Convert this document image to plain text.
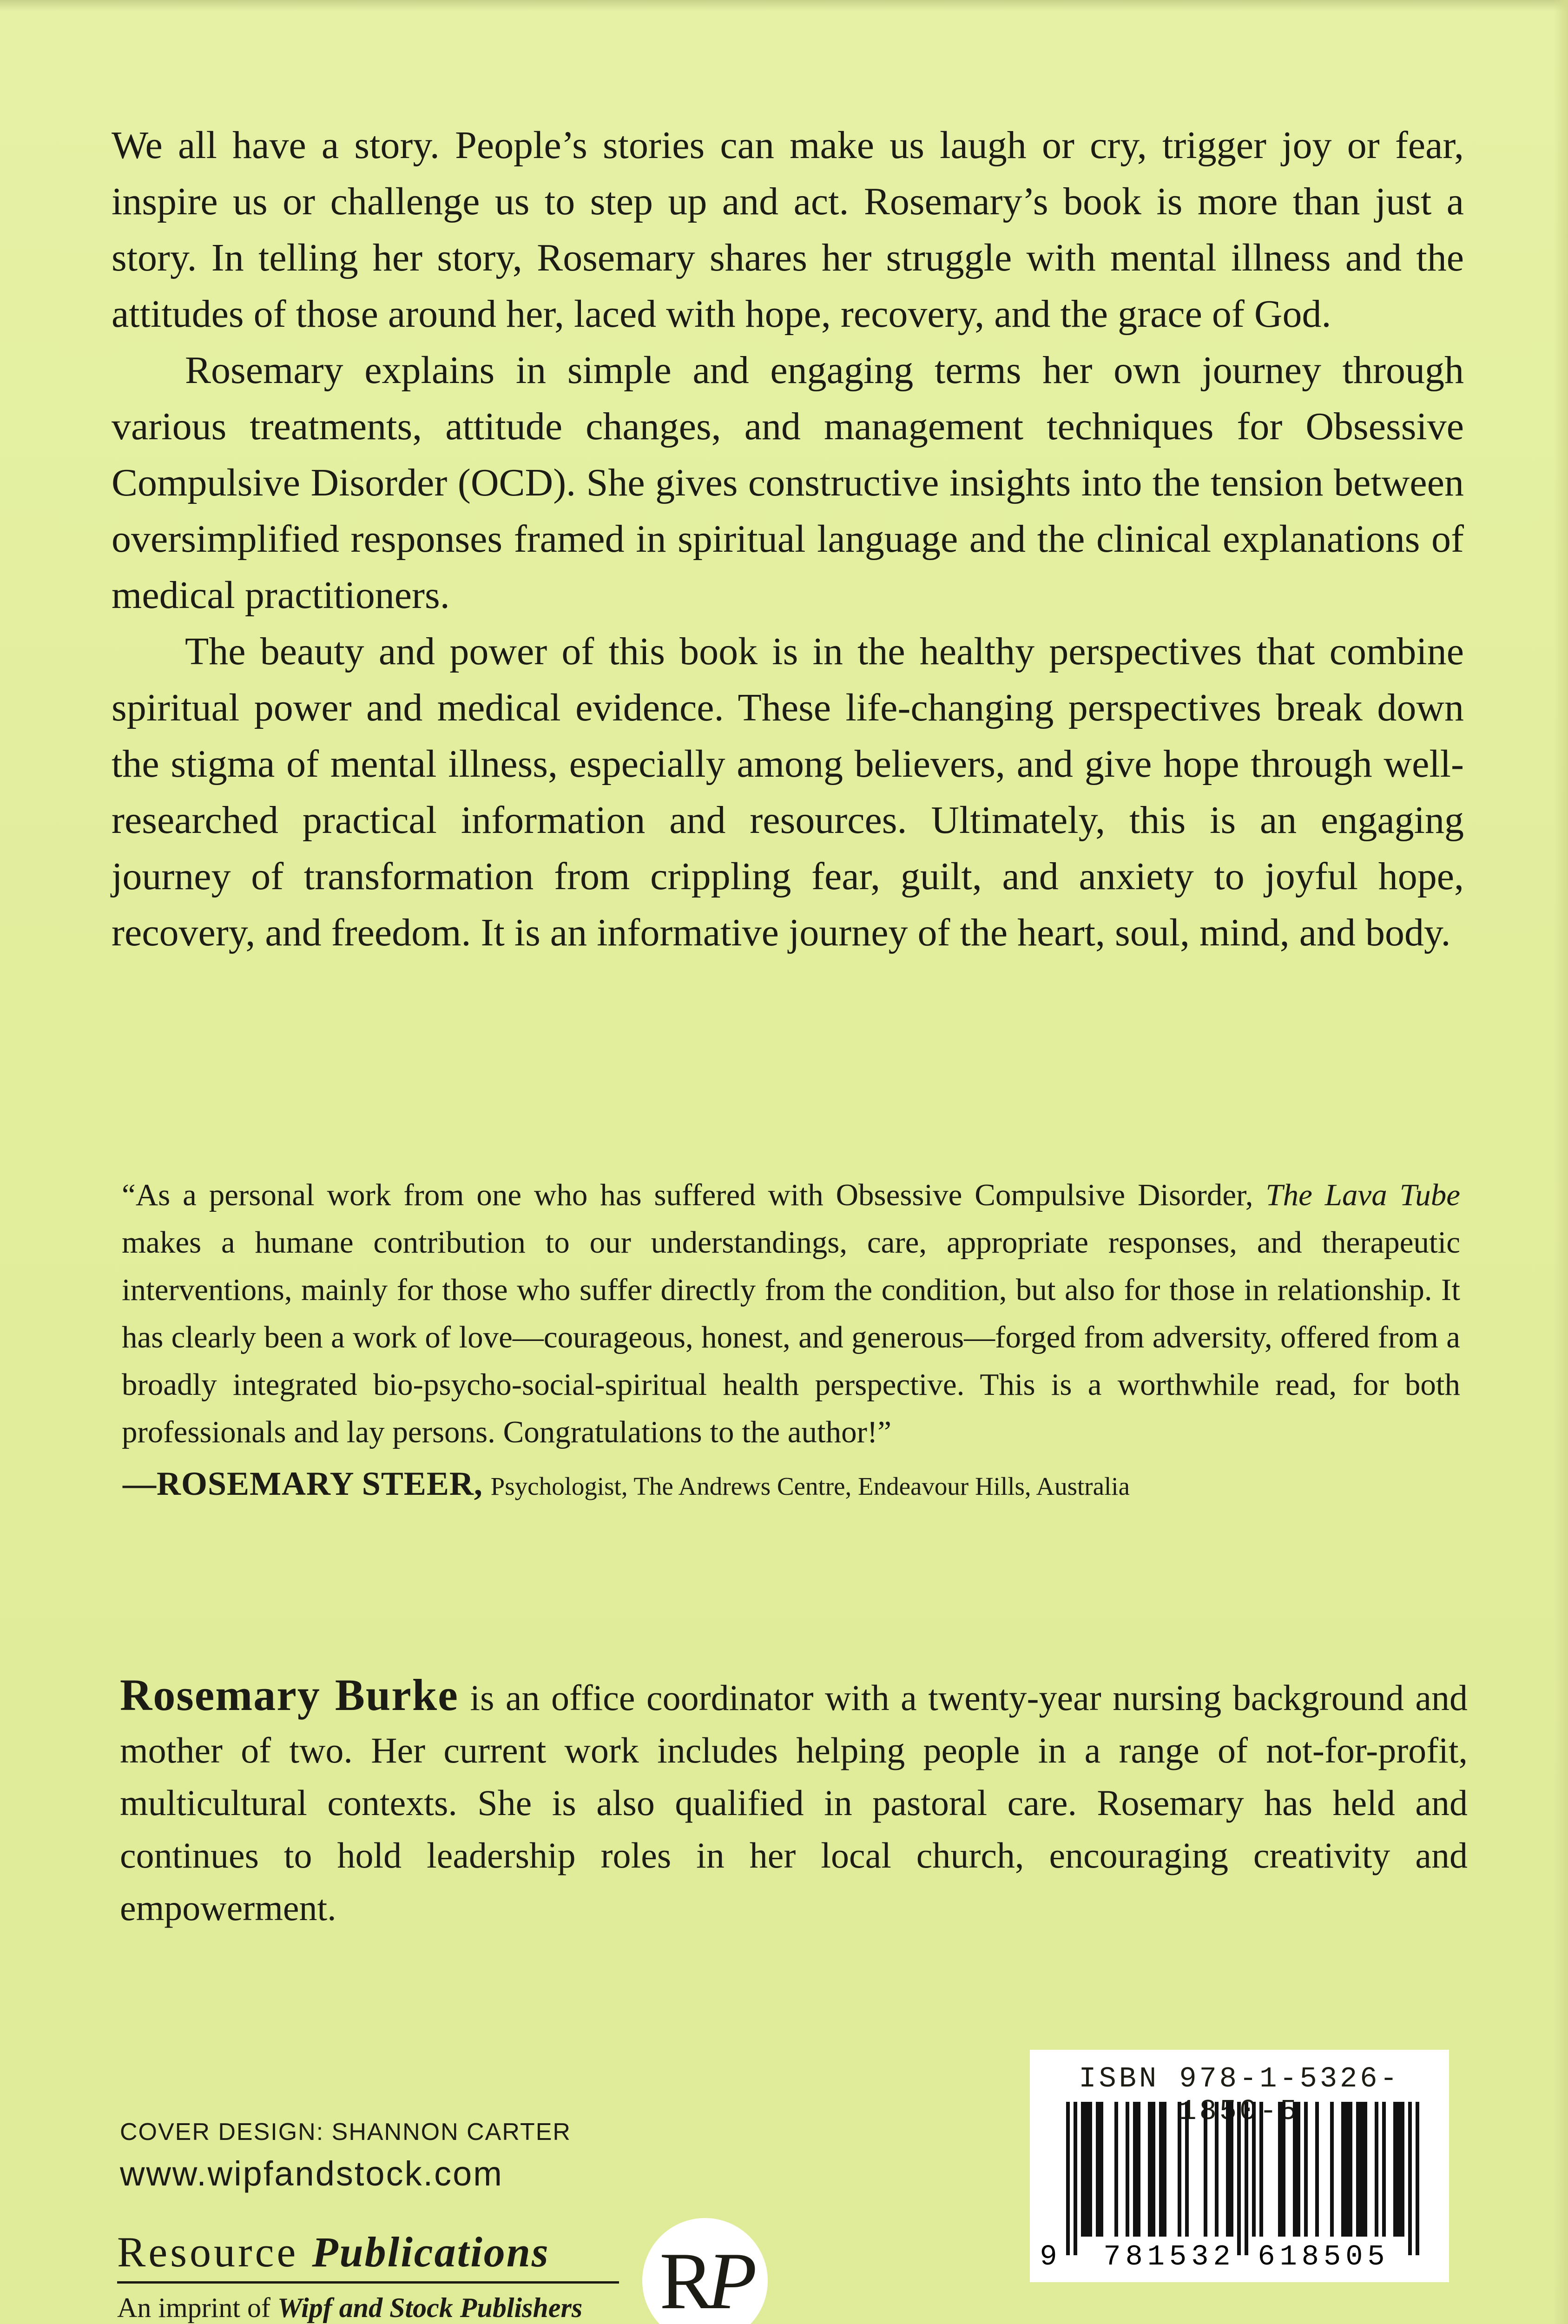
We all have a story. People’s stories can make us laugh or cry, trigger joy or fear, inspire us or challenge us to step up and act. Rosemary’s book is more than just a story. In telling her story, Rosemary shares her struggle with mental illness and the attitudes of those around her, laced with hope, recovery, and the grace of God.

Rosemary explains in simple and engaging terms her own journey through various treatments, attitude changes, and management techniques for Obsessive Compulsive Disorder (OCD). She gives constructive insights into the tension between oversimplified responses framed in spiritual language and the clinical explanations of medical practitioners.

The beauty and power of this book is in the healthy perspectives that combine spiritual power and medical evidence. These life-changing perspectives break down the stigma of mental illness, especially among believers, and give hope through well-researched practical information and resources. Ultimately, this is an engaging journey of transformation from crippling fear, guilt, and anxiety to joyful hope, recovery, and freedom. It is an informative journey of the heart, soul, mind, and body.

“As a personal work from one who has suffered with Obsessive Compulsive Disorder, The Lava Tube makes a humane contribution to our understandings, care, appropriate responses, and therapeutic interventions, mainly for those who suffer directly from the condition, but also for those in relationship. It has clearly been a work of love—courageous, honest, and generous—forged from adversity, offered from a broadly integrated bio-psycho-social-spiritual health perspective. This is a worthwhile read, for both professionals and lay persons. Congratulations to the author!”

—ROSEMARY STEER, Psychologist, The Andrews Centre, Endeavour Hills, Australia

Rosemary Burke is an office coordinator with a twenty-year nursing background and mother of two. Her current work includes helping people in a range of not-for-profit, multicultural contexts. She is also qualified in pastoral care. Rosemary has held and continues to hold leadership roles in her local church, encouraging creativity and empowerment.

COVER DESIGN: SHANNON CARTER
www.wipfandstock.com
Resource Publications
An imprint of Wipf and Stock Publishers R P
ISBN 978-1-5326-1850-5
9 781532 618505
